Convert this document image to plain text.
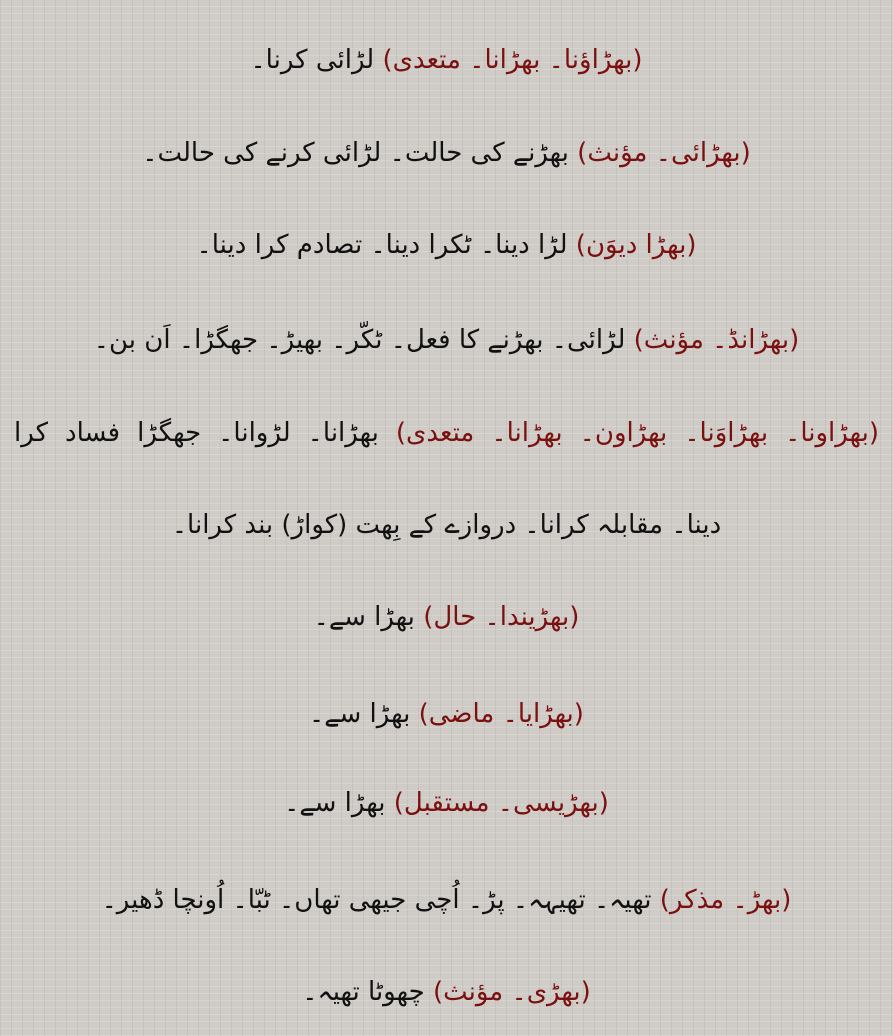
(بھڑاؤنا۔ بھڑانا۔ متعدی) لڑائی کرنا۔
(بھڑائی۔ مؤنث) بھڑنے کی حالت۔ لڑائی کرنے کی حالت۔
(بھڑا دیوَن) لڑا دینا۔ ٹکرا دینا۔ تصادم کرا دینا۔
(بھڑانڈ۔ مؤنث) لڑائی۔ بھڑنے کا فعل۔ ٹکّر۔ بھیڑ۔ جھگڑا۔ اَن بن۔
(بھڑاونا۔ بھڑاوَنا۔ بھڑاون۔ بھڑانا۔ متعدی) بھڑانا۔ لڑوانا۔ جھگڑا فساد کرا
دینا۔ مقابلہ کرانا۔ دروازے کے بِھت (کواڑ) بند کرانا۔
(بھڑیندا۔ حال) بھڑا سے۔
(بھڑایا۔ ماضی) بھڑا سے۔
(بھڑیسی۔ مستقبل) بھڑا سے۔
(بھڑ۔ مذکر) تھیہ۔ تھیہہ۔ پڑ۔ اُچی جیھی تھاں۔ ٹبّا۔ اُونچا ڈھیر۔
(بھڑی۔ مؤنث) چھوٹا تھیہ۔
